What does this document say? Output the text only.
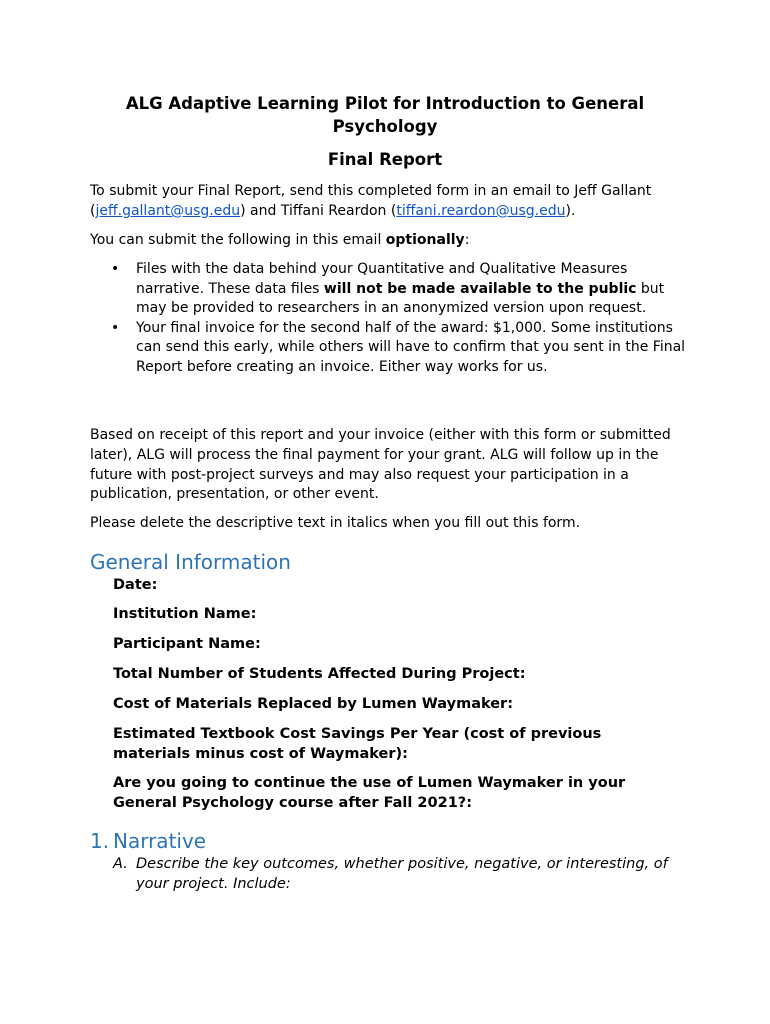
ALG Adaptive Learning Pilot for Introduction to General Psychology
Final Report
To submit your Final Report, send this completed form in an email to Jeff Gallant (jeff.gallant@usg.edu) and Tiffani Reardon (tiffani.reardon@usg.edu).
You can submit the following in this email optionally:
• Files with the data behind your Quantitative and Qualitative Measures narrative. These data files will not be made available to the public but may be provided to researchers in an anonymized version upon request.
• Your final invoice for the second half of the award: $1,000. Some institutions can send this early, while others will have to confirm that you sent in the Final Report before creating an invoice. Either way works for us.
Based on receipt of this report and your invoice (either with this form or submitted later), ALG will process the final payment for your grant. ALG will follow up in the future with post-project surveys and may also request your participation in a publication, presentation, or other event.
Please delete the descriptive text in italics when you fill out this form.
General Information
Date:
Institution Name:
Participant Name:
Total Number of Students Affected During Project:
Cost of Materials Replaced by Lumen Waymaker:
Estimated Textbook Cost Savings Per Year (cost of previous materials minus cost of Waymaker):
Are you going to continue the use of Lumen Waymaker in your General Psychology course after Fall 2021?:
1. Narrative
A. Describe the key outcomes, whether positive, negative, or interesting, of your project. Include:
